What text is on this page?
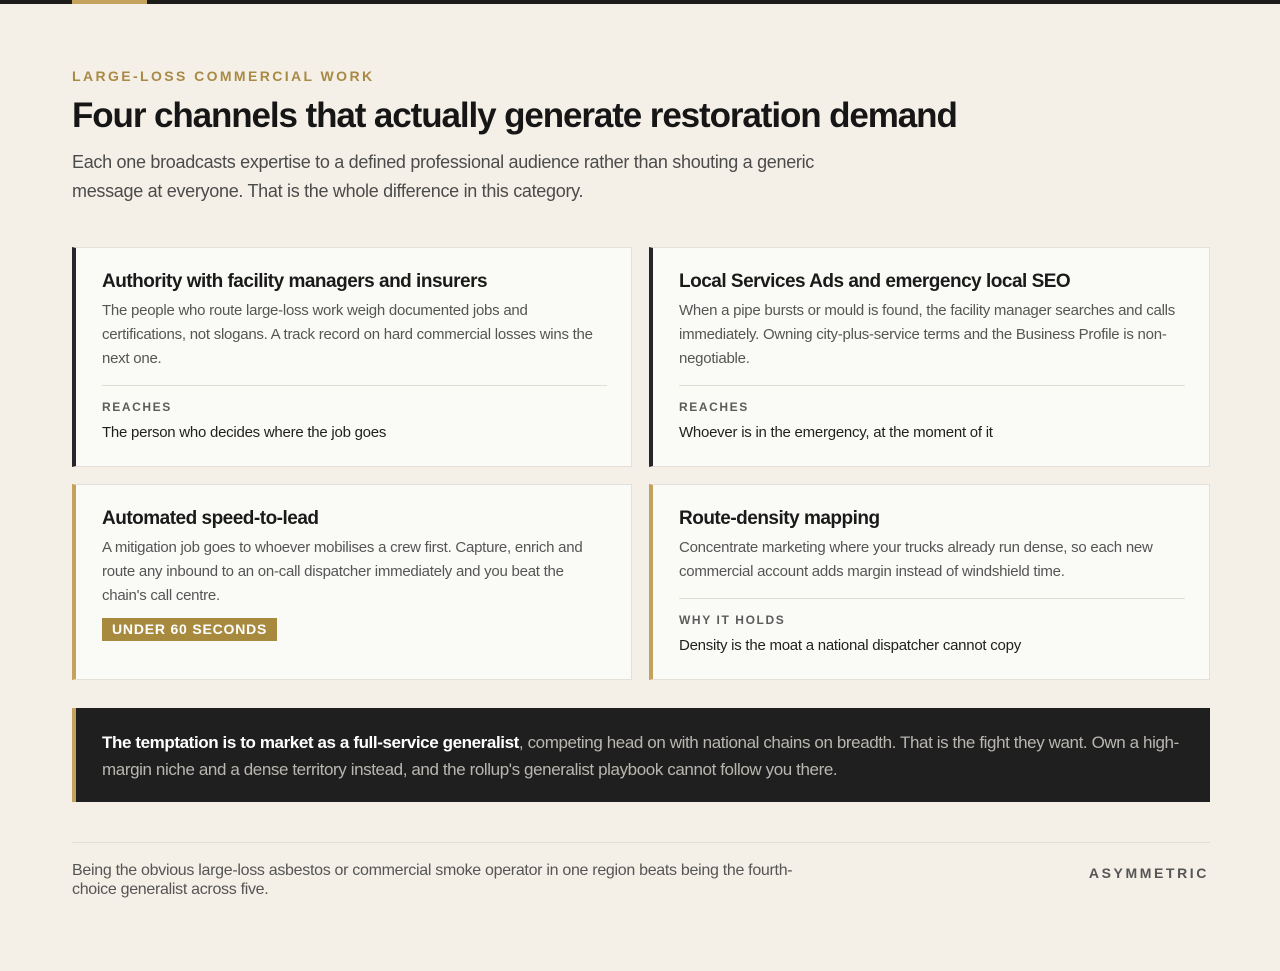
LARGE-LOSS COMMERCIAL WORK
Four channels that actually generate restoration demand

Each one broadcasts expertise to a defined professional audience rather than shouting a generic message at everyone. That is the whole difference in this category.

Authority with facility managers and insurers
The people who route large-loss work weigh documented jobs and certifications, not slogans. A track record on hard commercial losses wins the next one.
REACHES
The person who decides where the job goes
Local Services Ads and emergency local SEO
When a pipe bursts or mould is found, the facility manager searches and calls immediately. Owning city-plus-service terms and the Business Profile is non-negotiable.
REACHES
Whoever is in the emergency, at the moment of it
Automated speed-to-lead
A mitigation job goes to whoever mobilises a crew first. Capture, enrich and route any inbound to an on-call dispatcher immediately and you beat the chain's call centre.
UNDER 60 SECONDS
Route-density mapping
Concentrate marketing where your trucks already run dense, so each new commercial account adds margin instead of windshield time.
WHY IT HOLDS
Density is the moat a national dispatcher cannot copy
The temptation is to market as a full-service generalist, competing head on with national chains on breadth. That is the fight they want. Own a high-margin niche and a dense territory instead, and the rollup's generalist playbook cannot follow you there.

Being the obvious large-loss asbestos or commercial smoke operator in one region beats being the fourth-choice generalist across five.

ASYMMETRIC
